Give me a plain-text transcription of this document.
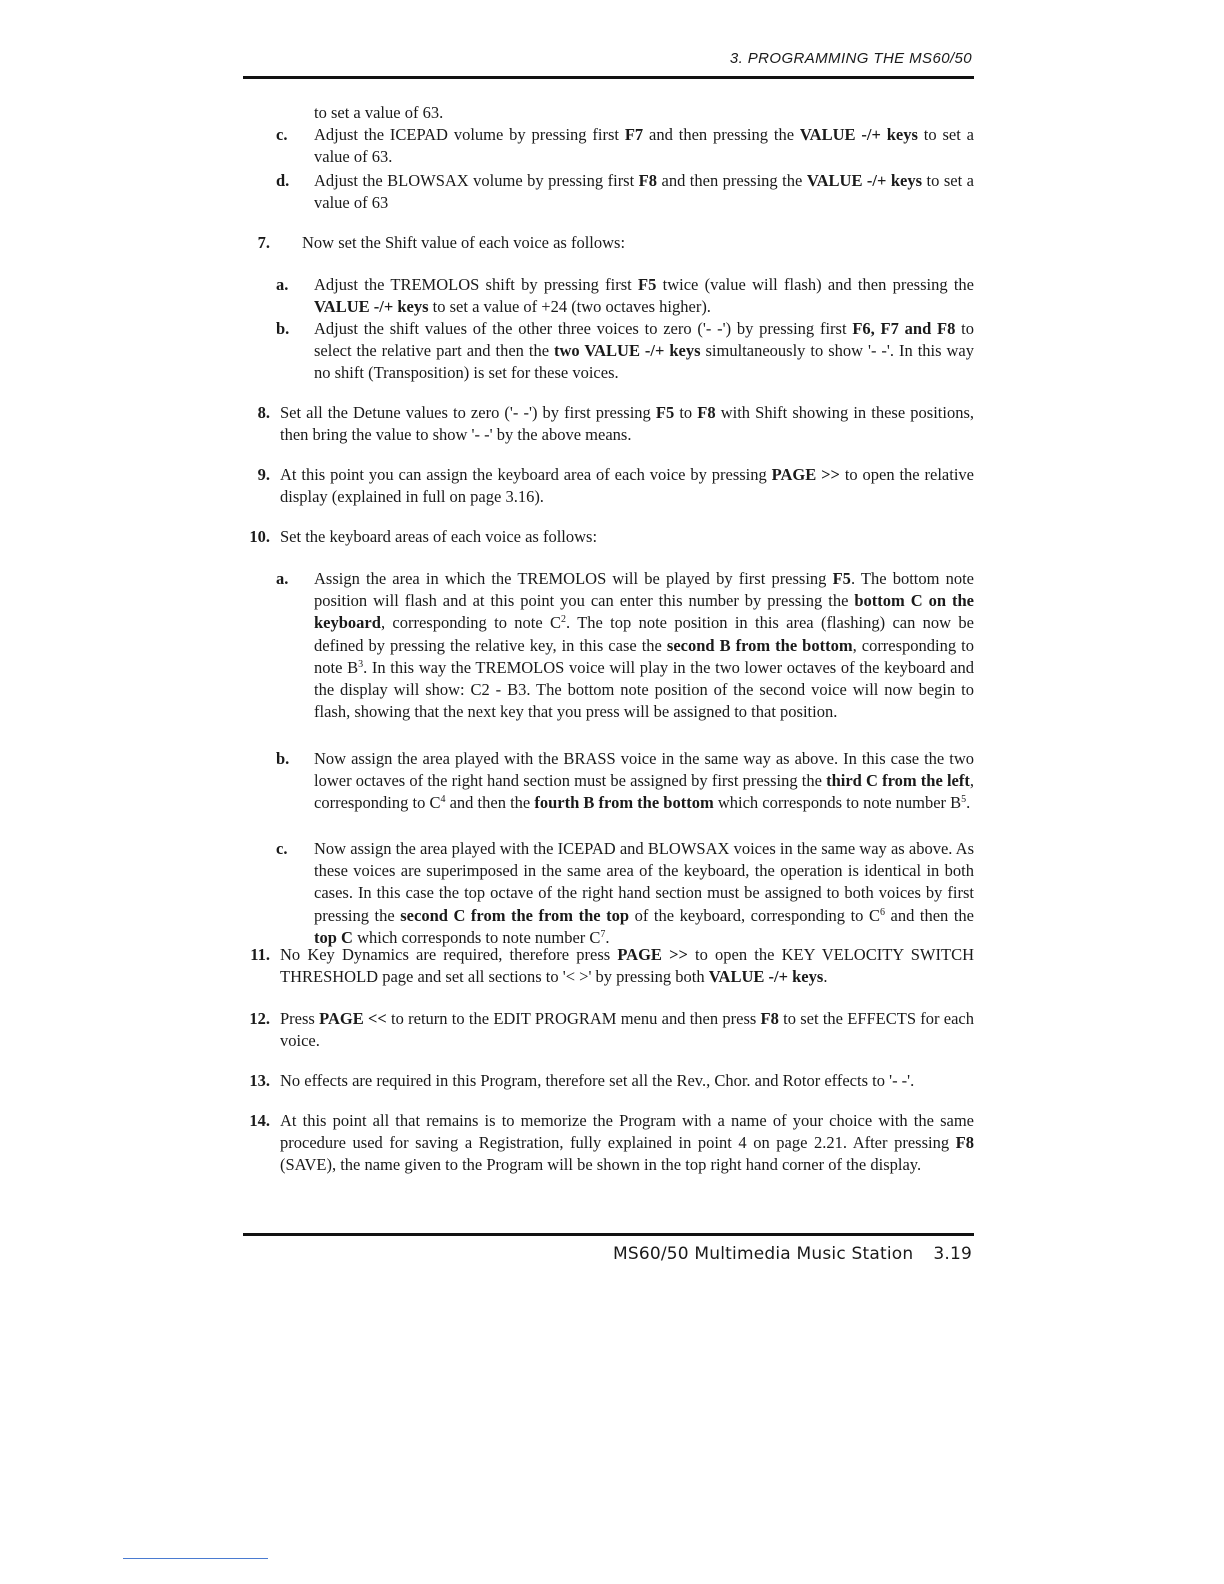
3. PROGRAMMING THE MS60/50
to set a value of 63.
c.	Adjust the ICEPAD volume by pressing first F7 and then pressing the VALUE -/+ keys to set a value of 63.
d.	Adjust the BLOWSAX volume by pressing first F8 and then pressing the VALUE -/+ keys to set a value of 63
7. Now set the Shift value of each voice as follows:
a.	Adjust the TREMOLOS shift by pressing first F5 twice (value will flash) and then pressing the VALUE -/+ keys to set a value of +24 (two octaves higher).
b.	Adjust the shift values of the other three voices to zero ('- -') by pressing first F6, F7 and F8 to select the relative part and then the two VALUE -/+ keys simultaneously to show '- -'. In this way no shift (Transposition) is set for these voices.
8. Set all the Detune values to zero ('- -') by first pressing F5 to F8 with Shift showing in these positions, then bring the value to show '- -' by the above means.
9. At this point you can assign the keyboard area of each voice by pressing PAGE >> to open the relative display (explained in full on page 3.16).
10. Set the keyboard areas of each voice as follows:
a.	Assign the area in which the TREMOLOS will be played by first pressing F5. The bottom note position will flash and at this point you can enter this number by pressing the bottom C on the keyboard, corresponding to note $C^2$. The top note position in this area (flashing) can now be defined by pressing the relative key, in this case the second B from the bottom, corresponding to note $B^3$. In this way the TREMOLOS voice will play in the two lower octaves of the keyboard and the display will show: C2 - B3. The bottom note position of the second voice will now begin to flash, showing that the next key that you press will be assigned to that position.
b.	Now assign the area played with the BRASS voice in the same way as above. In this case the two lower octaves of the right hand section must be assigned by first pressing the third C from the left, corresponding to $C^4$ and then the fourth B from the bottom which corresponds to note number $B^5$.
c.	Now assign the area played with the ICEPAD and BLOWSAX voices in the same way as above. As these voices are superimposed in the same area of the keyboard, the operation is identical in both cases. In this case the top octave of the right hand section must be assigned to both voices by first pressing the second C from the from the top of the keyboard, corresponding to $C^6$ and then the top C which corresponds to note number $C^7$.
11. No Key Dynamics are required, therefore press PAGE >> to open the KEY VELOCITY SWITCH THRESHOLD page and set all sections to '< >' by pressing both VALUE -/+ keys.
12. Press PAGE << to return to the EDIT PROGRAM menu and then press F8 to set the EFFECTS for each voice.
13. No effects are required in this Program, therefore set all the Rev., Chor. and Rotor effects to '- -'.
14. At this point all that remains is to memorize the Program with a name of your choice with the same procedure used for saving a Registration, fully explained in point 4 on page 2.21. After pressing F8 (SAVE), the name given to the Program will be shown in the top right hand corner of the display.
MS60/50 Multimedia Music Station 3.19
